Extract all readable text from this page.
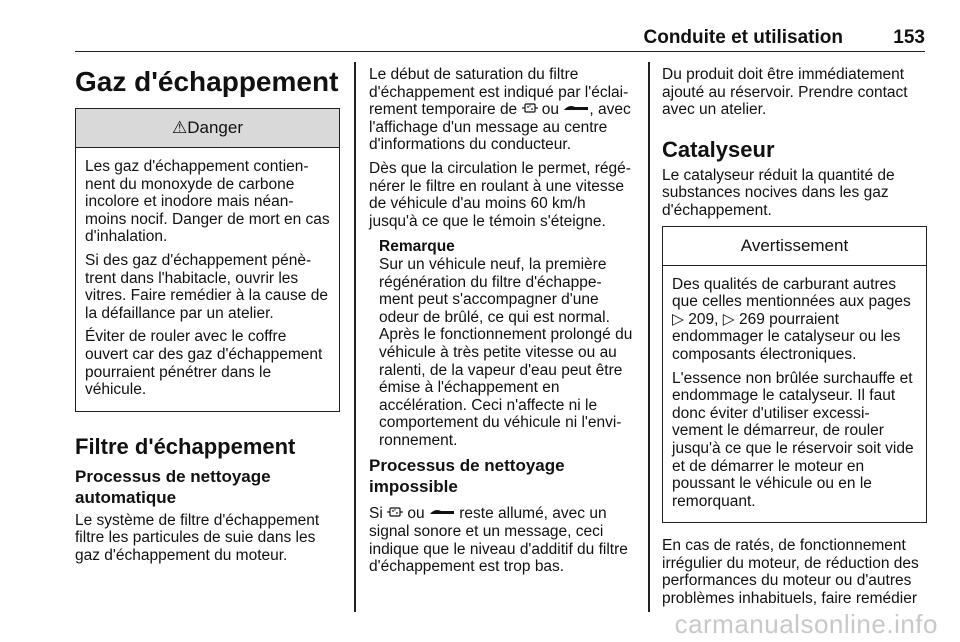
Conduite et utilisation	153
Gaz d'échappement
⚠Danger

Les gaz d'échappement contien-nent du monoxyde de carbone incolore et inodore mais néan-moins nocif. Danger de mort en cas d'inhalation.

Si des gaz d'échappement pénè-trent dans l'habitacle, ouvrir les vitres. Faire remédier à la cause de la défaillance par un atelier.

Éviter de rouler avec le coffre ouvert car des gaz d'échappement pourraient pénétrer dans le véhicule.

Filtre d'échappement
Processus de nettoyage automatique

Le système de filtre d'échappement filtre les particules de suie dans les gaz d'échappement du moteur.

Le début de saturation du filtre d'échappement est indiqué par l'éclai-rement temporaire de  ou , avec l'affichage d'un message au centre d'informations du conducteur.

Dès que la circulation le permet, régé-nérer le filtre en roulant à une vitesse de véhicule d'au moins 60 km/h jusqu'à ce que le témoin s'éteigne.

Remarque

Sur un véhicule neuf, la première régénération du filtre d'échappe-ment peut s'accompagner d'une odeur de brûlé, ce qui est normal. Après le fonctionnement prolongé du véhicule à très petite vitesse ou au ralenti, de la vapeur d'eau peut être émise à l'échappement en accélération. Ceci n'affecte ni le comportement du véhicule ni l'envi-ronnement.

Processus de nettoyage impossible

Si  ou  reste allumé, avec un signal sonore et un message, ceci indique que le niveau d'additif du filtre d'échappement est trop bas.

Du produit doit être immédiatement ajouté au réservoir. Prendre contact avec un atelier.

Catalyseur

Le catalyseur réduit la quantité de substances nocives dans les gaz d'échappement.

Avertissement

Des qualités de carburant autres que celles mentionnées aux pages ▷ 209, ▷ 269 pourraient endommager le catalyseur ou les composants électroniques.

L'essence non brûlée surchauffe et endommage le catalyseur. Il faut donc éviter d'utiliser excessi-vement le démarreur, de rouler jusqu'à ce que le réservoir soit vide et de démarrer le moteur en poussant le véhicule ou en le remorquant.

En cas de ratés, de fonctionnement irrégulier du moteur, de réduction des performances du moteur ou d'autres problèmes inhabituels, faire remédier

carmanualsonline.info
